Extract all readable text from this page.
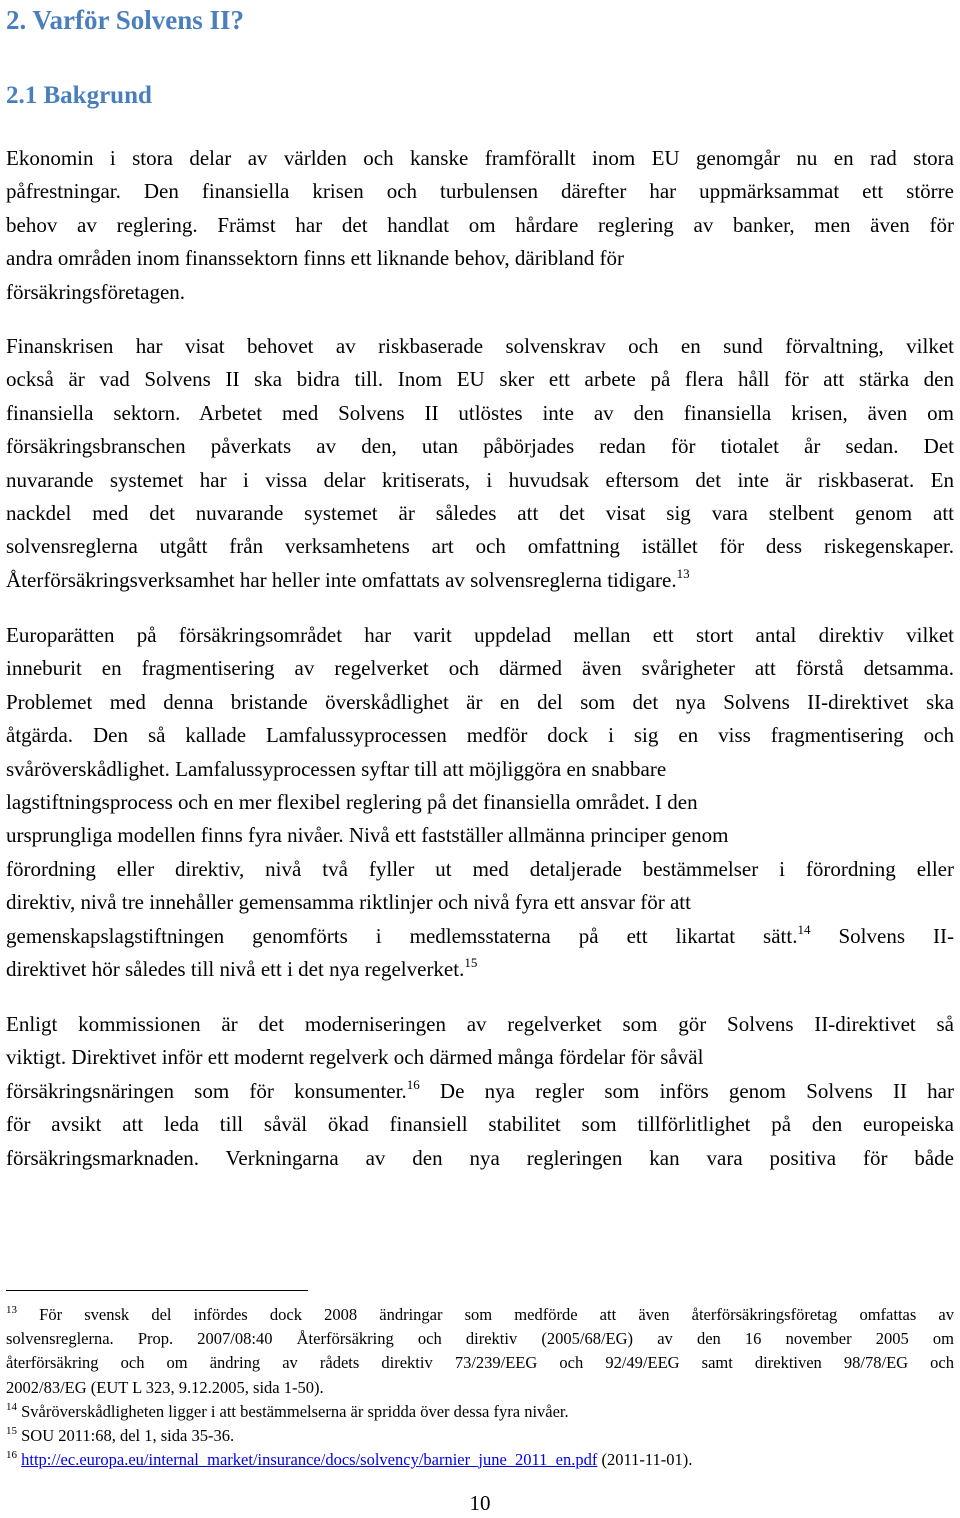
2. Varför Solvens II?
2.1 Bakgrund
Ekonomin i stora delar av världen och kanske framförallt inom EU genomgår nu en rad stora
påfrestningar. Den finansiella krisen och turbulensen därefter har uppmärksammat ett större
behov av reglering. Främst har det handlat om hårdare reglering av banker, men även för
andra områden inom finanssektorn finns ett liknande behov, däribland för
försäkringsföretagen.
Finanskrisen har visat behovet av riskbaserade solvenskrav och en sund förvaltning, vilket
också är vad Solvens II ska bidra till. Inom EU sker ett arbete på flera håll för att stärka den
finansiella sektorn. Arbetet med Solvens II utlöstes inte av den finansiella krisen, även om
försäkringsbranschen påverkats av den, utan påbörjades redan för tiotalet år sedan. Det
nuvarande systemet har i vissa delar kritiserats, i huvudsak eftersom det inte är riskbaserat. En
nackdel med det nuvarande systemet är således att det visat sig vara stelbent genom att
solvensreglerna utgått från verksamhetens art och omfattning istället för dess riskegenskaper.
Återförsäkringsverksamhet har heller inte omfattats av solvensreglerna tidigare.$^{13}$
Europarätten på försäkringsområdet har varit uppdelad mellan ett stort antal direktiv vilket
inneburit en fragmentisering av regelverket och därmed även svårigheter att förstå detsamma.
Problemet med denna bristande överskådlighet är en del som det nya Solvens II-direktivet ska
åtgärda. Den så kallade Lamfalussyprocessen medför dock i sig en viss fragmentisering och
svåröverskådlighet. Lamfalussyprocessen syftar till att möjliggöra en snabbare
lagstiftningsprocess och en mer flexibel reglering på det finansiella området. I den
ursprungliga modellen finns fyra nivåer. Nivå ett fastställer allmänna principer genom
förordning eller direktiv, nivå två fyller ut med detaljerade bestämmelser i förordning eller
direktiv, nivå tre innehåller gemensamma riktlinjer och nivå fyra ett ansvar för att
gemenskapslagstiftningen genomförts i medlemsstaterna på ett likartat sätt.$^{14}$ Solvens II-
direktivet hör således till nivå ett i det nya regelverket.$^{15}$
Enligt kommissionen är det moderniseringen av regelverket som gör Solvens II-direktivet så
viktigt. Direktivet inför ett modernt regelverk och därmed många fördelar för såväl
försäkringsnäringen som för konsumenter.$^{16}$ De nya regler som införs genom Solvens II har
för avsikt att leda till såväl ökad finansiell stabilitet som tillförlitlighet på den europeiska
försäkringsmarknaden. Verkningarna av den nya regleringen kan vara positiva för både
$^{13}$ För svensk del infördes dock 2008 ändringar som medförde att även återförsäkringsföretag omfattas av
solvensreglerna. Prop. 2007/08:40 Återförsäkring och direktiv (2005/68/EG) av den 16 november 2005 om
återförsäkring och om ändring av rådets direktiv 73/239/EEG och 92/49/EEG samt direktiven 98/78/EG och
2002/83/EG (EUT L 323, 9.12.2005, sida 1-50).
$^{14}$ Svåröverskådligheten ligger i att bestämmelserna är spridda över dessa fyra nivåer.
$^{15}$ SOU 2011:68, del 1, sida 35-36.
$^{16}$ http://ec.europa.eu/internal_market/insurance/docs/solvency/barnier_june_2011_en.pdf (2011-11-01).
10
